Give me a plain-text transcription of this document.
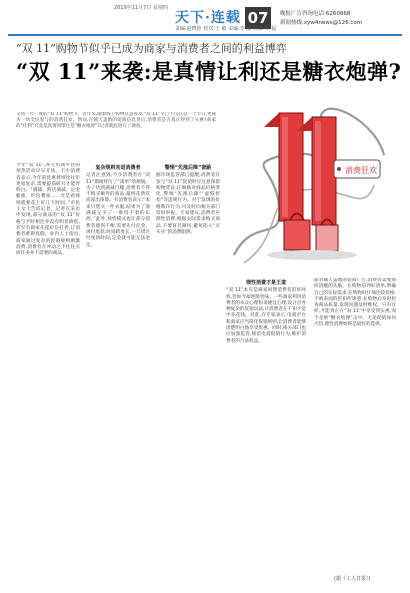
2019年11月7日 星期四
天下·连载 07	晚报广告咨询电话:6260868
新闻热线:xyw4news@126.com
责编:赵晓艳 校对:王 敏 美编:李 鹏 照排:程 福
“双 11”购物节似乎已成为商家与消费者之间的利益博弈
“双 11”来袭:是真情让利还是糖衣炮弹?
又到一年一度的“双 11”购物节。近年来,随着线上购物日益普及,“双 11”早已不仅仅是一个节日,更成为一场全民参与的消费狂欢。然而,在铺天盖地的促销信息背后,消费者是否真正得到了实惠?商家的“让利”究竟是真情回馈还是“糖衣炮弹”?记者就此进行了调查。
消费狂欢
今年“双 11”,各大电商平台的预热活动早早开场。不少消费者表示,今年的优惠规则比往年更加复杂,需要提前研究才能弄明白。“满减、跨店满减、定金膨胀、红包叠加……光是看规则就要花上好几天时间。”市民王女士告诉记者。记者在采访中发现,部分商品的“双 11”价格与平时相比并没有明显降低,甚至有商家先提价后打折,让消费者难辨真假。业内人士指出,商家通过复杂的促销规则刺激消费,消费者在冲动之下往往买回许多并不需要的商品。
复杂规则劝退消费者
记者注意到,不少消费者在“双 11”期间经历了“凑单”的烦恼。为了达到满减门槛,消费者不得不购买额外的商品,最终花费反而超出预算。有消费者表示:“本来只想买一件衣服,结果为了凑满减又买了一堆用不着的东西。”此外,预售模式也让部分消费者感到不便,需要先付定金、再付尾款,时间跨度长,一旦错过付尾款时间,定金就可能无法退还。
警惕“先涨后降”套路
据市场监管部门提醒,消费者在参与“双 11”促销时应注意保留购物凭证,仔细核对商品价格变化,警惕“先涨后降”“虚假折扣”等违规行为。对于发现的价格欺诈行为,可及时向相关部门投诉举报。专家建议,消费者应理性消费,根据实际需求购买商品,不要盲目跟风,避免陷入“买买买”的消费陷阱。
理性消费才是王道
“双 11”本应是商家回馈消费者的好时机,但如今却逐渐变味。一些商家利用消费者的从众心理和贪便宜心理,设计出各种复杂的促销玩法,让消费者在不知不觉中多花钱。对此,有专家表示,电商平台和商家应当简化促销规则,让消费者能够清楚明白地享受优惠。同时,相关部门也应加强监管,规范电商促销行为,维护消费者的合法权益。
面对铺天盖地的促销广告,消费者需要保持清醒的头脑。在购物前列好清单,明确自己的实际需求;在购物时仔细比较价格,不被表面的折扣所迷惑;在购物后及时检查商品质量,发现问题及时维权。只有这样,才能真正在“双 11”中享受到实惠,而不是被“糖衣炮弹”击中。无论促销如何火热,理性消费始终是最好的选择。
(据《工人日报》)
